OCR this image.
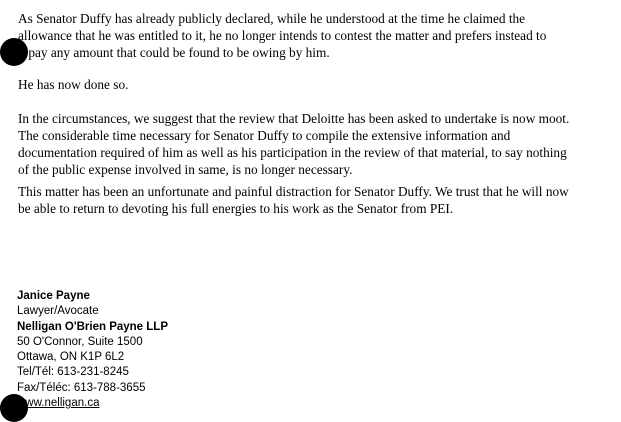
As Senator Duffy has already publicly declared, while he understood at the time he claimed the
allowance that he was entitled to it, he no longer intends to contest the matter and prefers instead to
repay any amount that could be found to be owing by him.

He has now done so.

In the circumstances, we suggest that the review that Deloitte has been asked to undertake is now moot.
The considerable time necessary for Senator Duffy to compile the extensive information and
documentation required of him as well as his participation in the review of that material, to say nothing
of the public expense involved in same, is no longer necessary.

This matter has been an unfortunate and painful distraction for Senator Duffy. We trust that he will now
be able to return to devoting his full energies to his work as the Senator from PEI.

Janice Payne
Lawyer/Avocate
Nelligan O'Brien Payne LLP
50 O'Connor, Suite 1500
Ottawa, ON K1P 6L2
Tel/Tél: 613-231-8245
Fax/Téléc: 613-788-3655
www.nelligan.ca
